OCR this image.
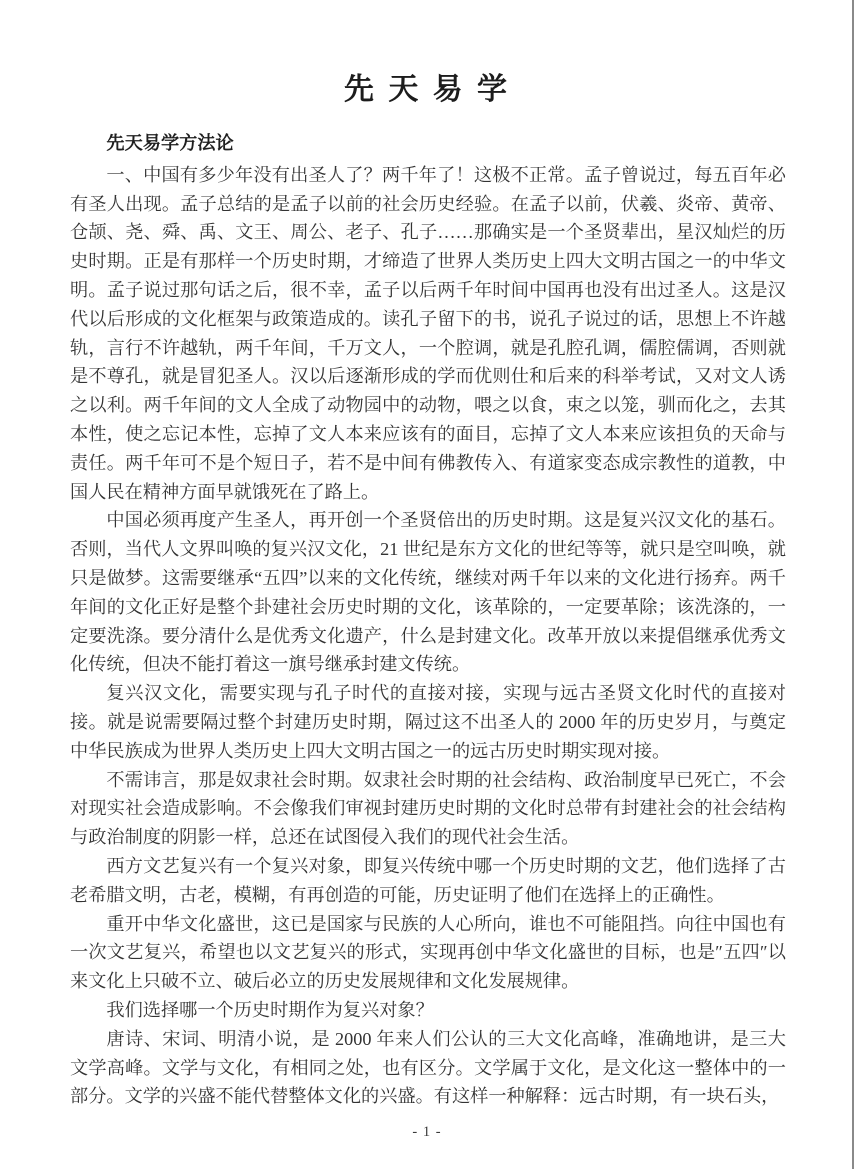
先 天 易 学
先天易学方法论

一、中国有多少年没有出圣人了？两千年了！这极不正常。孟子曾说过，每五百年必有圣人出现。孟子总结的是孟子以前的社会历史经验。在孟子以前，伏羲、炎帝、黄帝、仓颉、尧、舜、禹、文王、周公、老子、孔子……那确实是一个圣贤辈出，星汉灿烂的历史时期。正是有那样一个历史时期，才缔造了世界人类历史上四大文明古国之一的中华文明。孟子说过那句话之后，很不幸，孟子以后两千年时间中国再也没有出过圣人。这是汉代以后形成的文化框架与政策造成的。读孔子留下的书，说孔子说过的话，思想上不许越轨，言行不许越轨，两千年间，千万文人，一个腔调，就是孔腔孔调，儒腔儒调，否则就是不尊孔，就是冒犯圣人。汉以后逐渐形成的学而优则仕和后来的科举考试，又对文人诱之以利。两千年间的文人全成了动物园中的动物，喂之以食，束之以笼，驯而化之，去其本性，使之忘记本性，忘掉了文人本来应该有的面目，忘掉了文人本来应该担负的天命与责任。两千年可不是个短日子，若不是中间有佛教传入、有道家变态成宗教性的道教，中国人民在精神方面早就饿死在了路上。

中国必须再度产生圣人，再开创一个圣贤倍出的历史时期。这是复兴汉文化的基石。否则，当代人文界叫唤的复兴汉文化，21 世纪是东方文化的世纪等等，就只是空叫唤，就只是做梦。这需要继承“五四”以来的文化传统，继续对两千年以来的文化进行扬弃。两千年间的文化正好是整个卦建社会历史时期的文化，该革除的，一定要革除；该洗涤的，一定要洗涤。要分清什么是优秀文化遗产，什么是封建文化。改革开放以来提倡继承优秀文化传统，但决不能打着这一旗号继承封建文传统。

复兴汉文化，需要实现与孔子时代的直接对接，实现与远古圣贤文化时代的直接对接。就是说需要隔过整个封建历史时期，隔过这不出圣人的 2000 年的历史岁月，与奠定中华民族成为世界人类历史上四大文明古国之一的远古历史时期实现对接。

不需讳言，那是奴隶社会时期。奴隶社会时期的社会结构、政治制度早已死亡，不会对现实社会造成影响。不会像我们审视封建历史时期的文化时总带有封建社会的社会结构与政治制度的阴影一样，总还在试图侵入我们的现代社会生活。

西方文艺复兴有一个复兴对象，即复兴传统中哪一个历史时期的文艺，他们选择了古老希腊文明，古老，模糊，有再创造的可能，历史证明了他们在选择上的正确性。

重开中华文化盛世，这已是国家与民族的人心所向，谁也不可能阻挡。向往中国也有一次文艺复兴，希望也以文艺复兴的形式，实现再创中华文化盛世的目标，也是″五四″以来文化上只破不立、破后必立的历史发展规律和文化发展规律。

我们选择哪一个历史时期作为复兴对象？

唐诗、宋词、明清小说，是 2000 年来人们公认的三大文化高峰，准确地讲，是三大文学高峰。文学与文化，有相同之处，也有区分。文学属于文化，是文化这一整体中的一部分。文学的兴盛不能代替整体文化的兴盛。有这样一种解释：远古时期，有一块石头，

- 1 -
